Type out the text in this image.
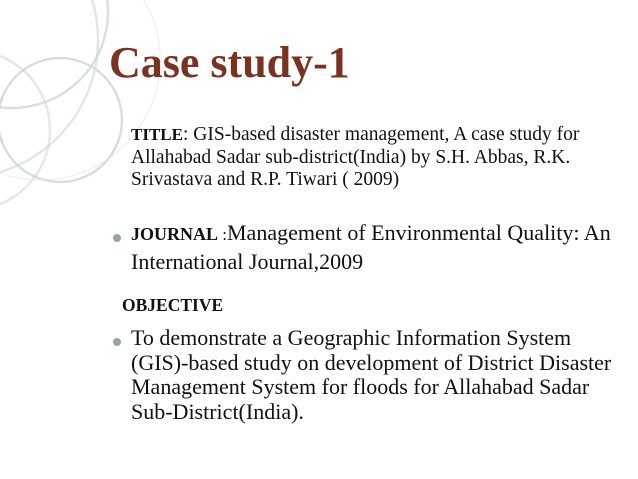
Case study-1
TITLE: GIS-based disaster management, A case study for Allahabad Sadar sub-district(India) by S.H. Abbas, R.K. Srivastava and R.P. Tiwari ( 2009)
JOURNAL :Management of Environmental Quality: An International Journal,2009
OBJECTIVE
To demonstrate a Geographic Information System (GIS)-based study on development of District Disaster Management System for floods for Allahabad Sadar Sub-District(India).
